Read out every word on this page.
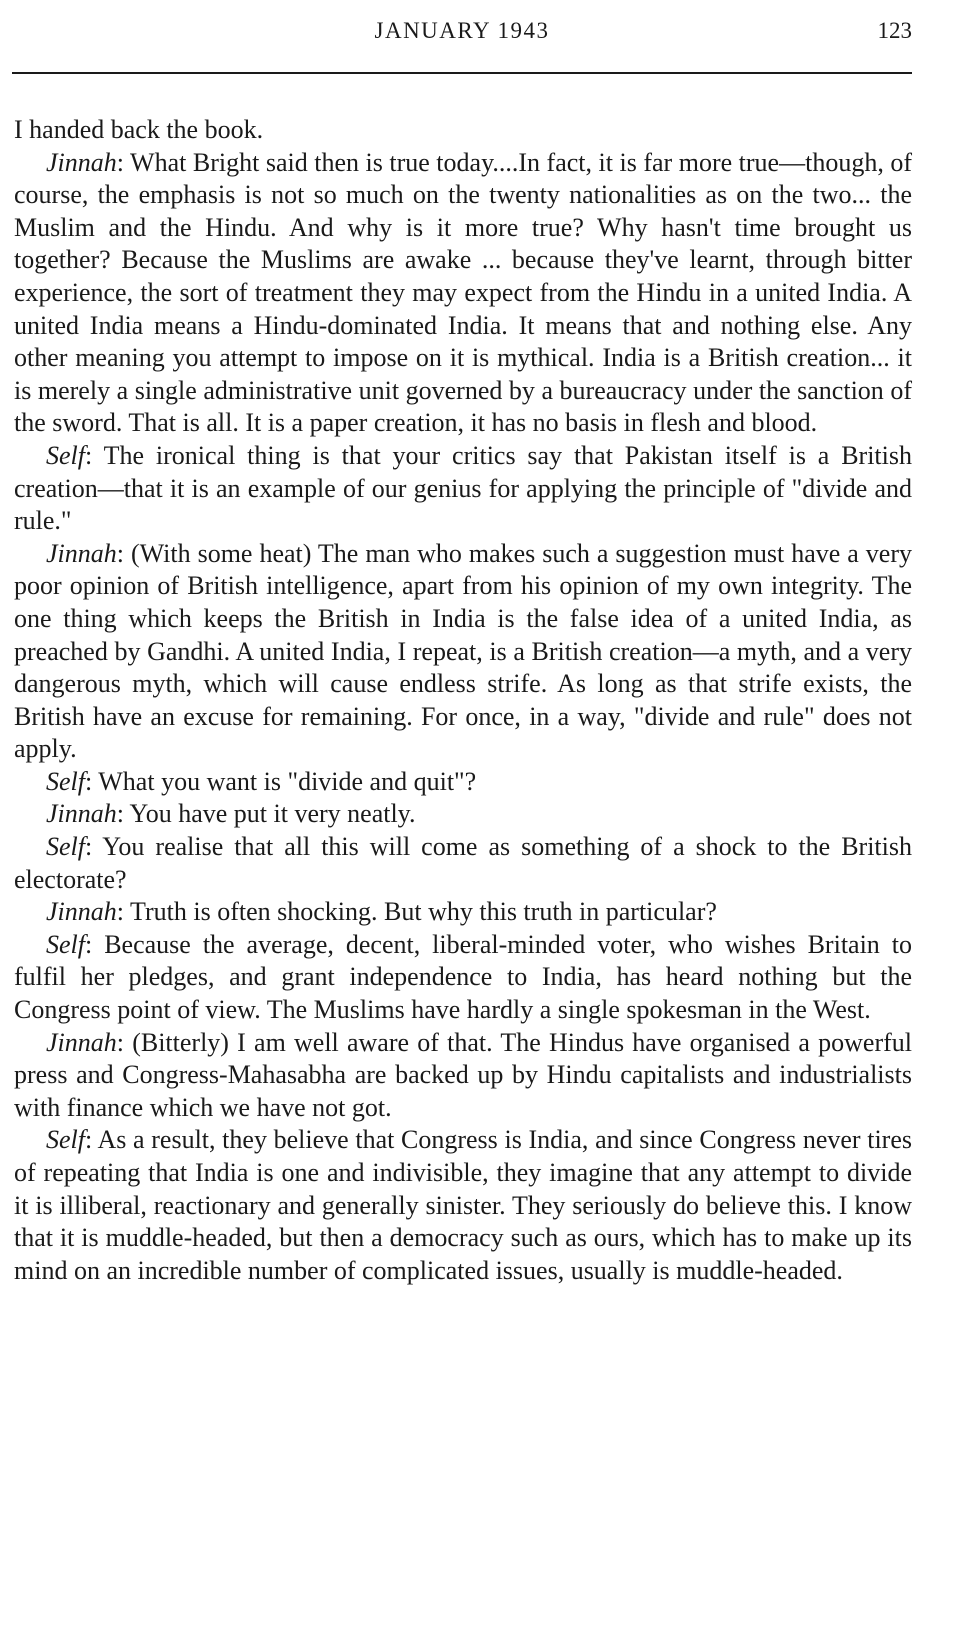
JANUARY 1943	123

I handed back the book.

Jinnah: What Bright said then is true today....In fact, it is far more true—though, of course, the emphasis is not so much on the twenty nationalities as on the two... the Muslim and the Hindu. And why is it more true? Why hasn't time brought us together? Because the Muslims are awake ... because they've learnt, through bitter experience, the sort of treatment they may expect from the Hindu in a united India. A united India means a Hindu-dominated India. It means that and nothing else. Any other meaning you attempt to impose on it is mythical. India is a British creation... it is merely a single administrative unit governed by a bureaucracy under the sanction of the sword. That is all. It is a paper creation, it has no basis in flesh and blood.

Self: The ironical thing is that your critics say that Pakistan itself is a British creation—that it is an example of our genius for applying the principle of "divide and rule."

Jinnah: (With some heat) The man who makes such a suggestion must have a very poor opinion of British intelligence, apart from his opinion of my own integrity. The one thing which keeps the British in India is the false idea of a united India, as preached by Gandhi. A united India, I repeat, is a British creation—a myth, and a very dangerous myth, which will cause endless strife. As long as that strife exists, the British have an excuse for remaining. For once, in a way, "divide and rule" does not apply.

Self: What you want is "divide and quit"?

Jinnah: You have put it very neatly.

Self: You realise that all this will come as something of a shock to the British electorate?

Jinnah: Truth is often shocking. But why this truth in particular?

Self: Because the average, decent, liberal-minded voter, who wishes Britain to fulfil her pledges, and grant independence to India, has heard nothing but the Congress point of view. The Muslims have hardly a single spokesman in the West.

Jinnah: (Bitterly) I am well aware of that. The Hindus have organised a powerful press and Congress-Mahasabha are backed up by Hindu capitalists and industrialists with finance which we have not got.

Self: As a result, they believe that Congress is India, and since Congress never tires of repeating that India is one and indivisible, they imagine that any attempt to divide it is illiberal, reactionary and generally sinister. They seriously do believe this. I know that it is muddle-headed, but then a democracy such as ours, which has to make up its mind on an incredible number of complicated issues, usually is muddle-headed.
